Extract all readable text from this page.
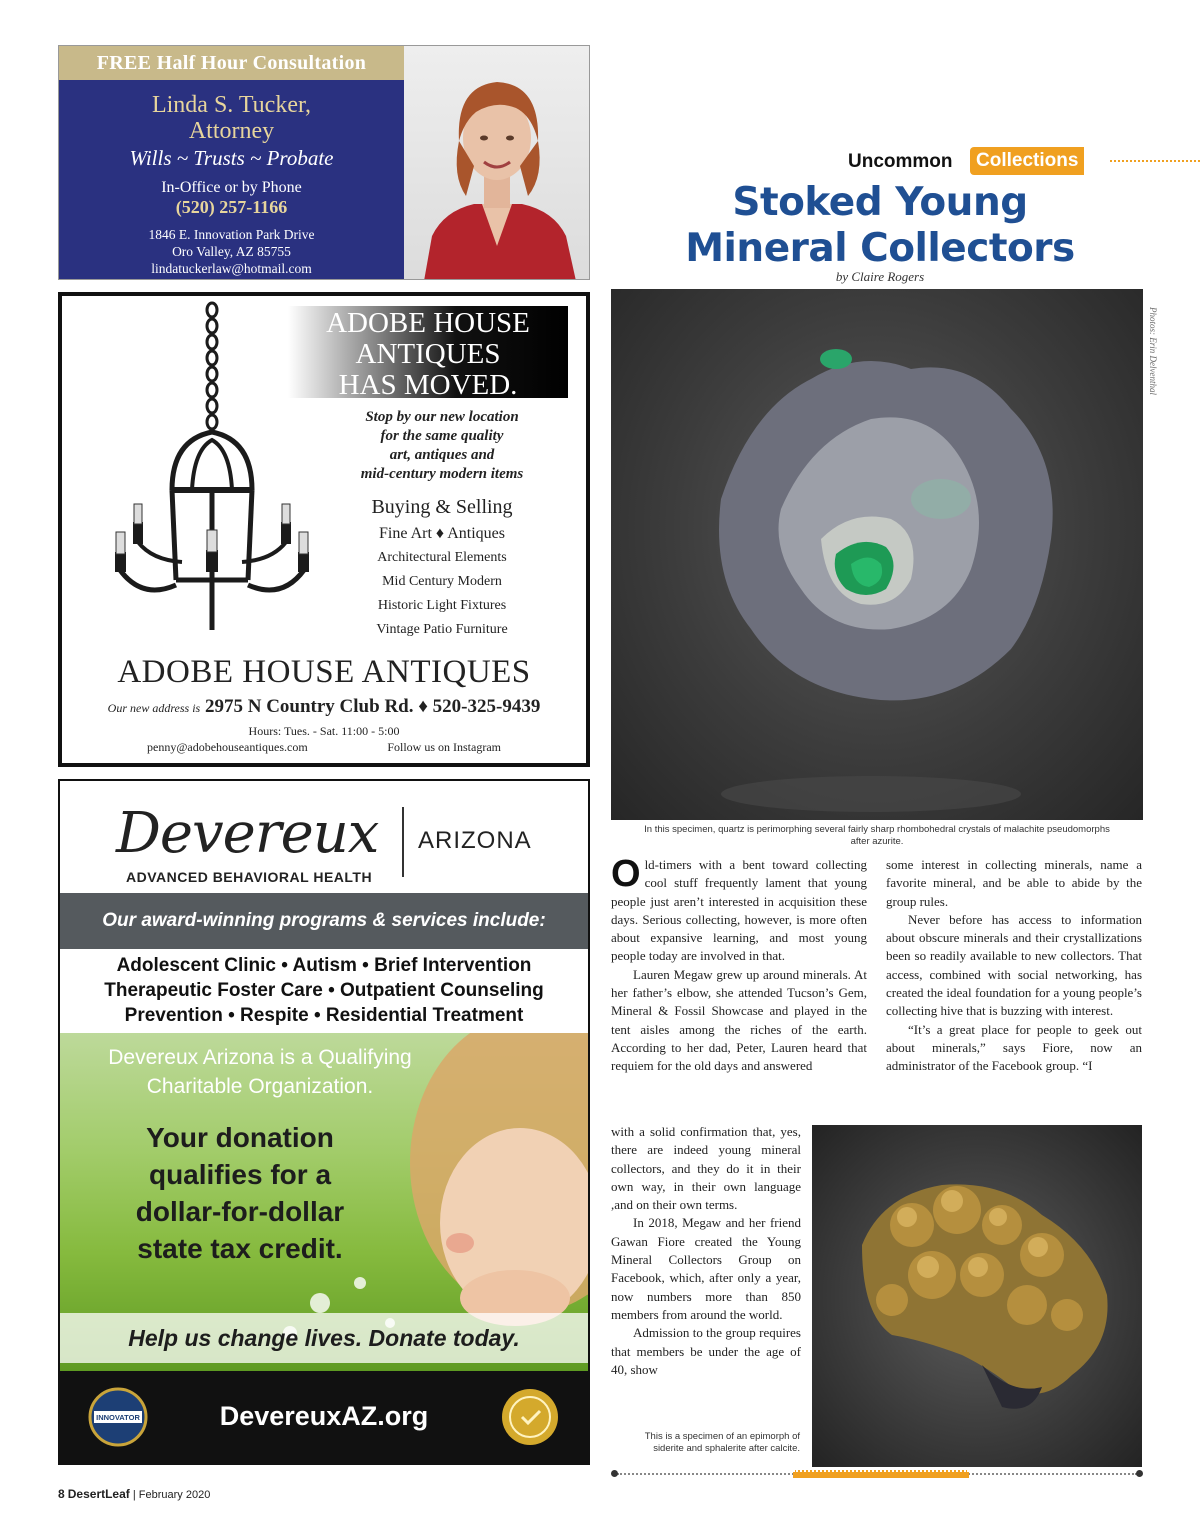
FREE Half Hour Consultation
Linda S. Tucker,
Attorney
Wills ~ Trusts ~ Probate
In-Office or by Phone
(520) 257-1166
1846 E. Innovation Park Drive
Oro Valley, AZ 85755
lindatuckerlaw@hotmail.com
ADOBE HOUSE
ANTIQUES
HAS MOVED.
Stop by our new location
for the same quality
art, antiques and
mid-century modern items
Buying & Selling
Fine Art ♦ Antiques
Architectural Elements
Mid Century Modern
Historic Light Fixtures
Vintage Patio Furniture
ADOBE HOUSE ANTIQUES
Our new address is 2975 N Country Club Rd. ♦ 520-325-9439
Hours: Tues. - Sat. 11:00 - 5:00
penny@adobehouseantiques.com	Follow us on Instagram
Devereux
ADVANCED BEHAVIORAL HEALTH
ARIZONA
Our award-winning programs & services include:
Adolescent Clinic • Autism • Brief Intervention
Therapeutic Foster Care • Outpatient Counseling
Prevention • Respite • Residential Treatment
Devereux Arizona is a Qualifying
Charitable Organization.
Your donation
qualifies for a
dollar-for-dollar
state tax credit.
Help us change lives. Donate today.
INNOVATOR	DevereuxAZ.org
Uncommon	Collections
Stoked Young
Mineral Collectors
by Claire Rogers
Photos: Erin Delventhal
In this specimen, quartz is perimorphing several fairly sharp rhombohedral crystals of malachite pseudomorphs
after azurite.

Old-timers with a bent toward collecting cool stuff frequently lament that young people just aren’t interested in acquisition these days. Serious collecting, however, is more often about expansive learning, and most young people today are involved in that.

Lauren Megaw grew up around minerals. At her father’s elbow, she attended Tucson’s Gem, Mineral & Fossil Showcase and played in the tent aisles among the riches of the earth. According to her dad, Peter, Lauren heard that requiem for the old days and answered

with a solid confirmation that, yes, there are indeed young mineral collectors, and they do it in their own way, in their own language ,and on their own terms.

In 2018, Megaw and her friend Gawan Fiore created the Young Mineral Collectors Group on Facebook, which, after only a year, now numbers more than 850 members from around the world.

Admission to the group requires that members be under the age of 40, show

some interest in collecting minerals, name a favorite mineral, and be able to abide by the group rules.

Never before has access to information about obscure minerals and their crystallizations been so readily available to new collectors. That access, combined with social networking, has created the ideal foundation for a young people’s collecting hive that is buzzing with interest.

“It’s a great place for people to geek out about minerals,” says Fiore, now an administrator of the Facebook group. “I

This is a specimen of an epimorph of
siderite and sphalerite after calcite.
8 DesertLeaf | February 2020
